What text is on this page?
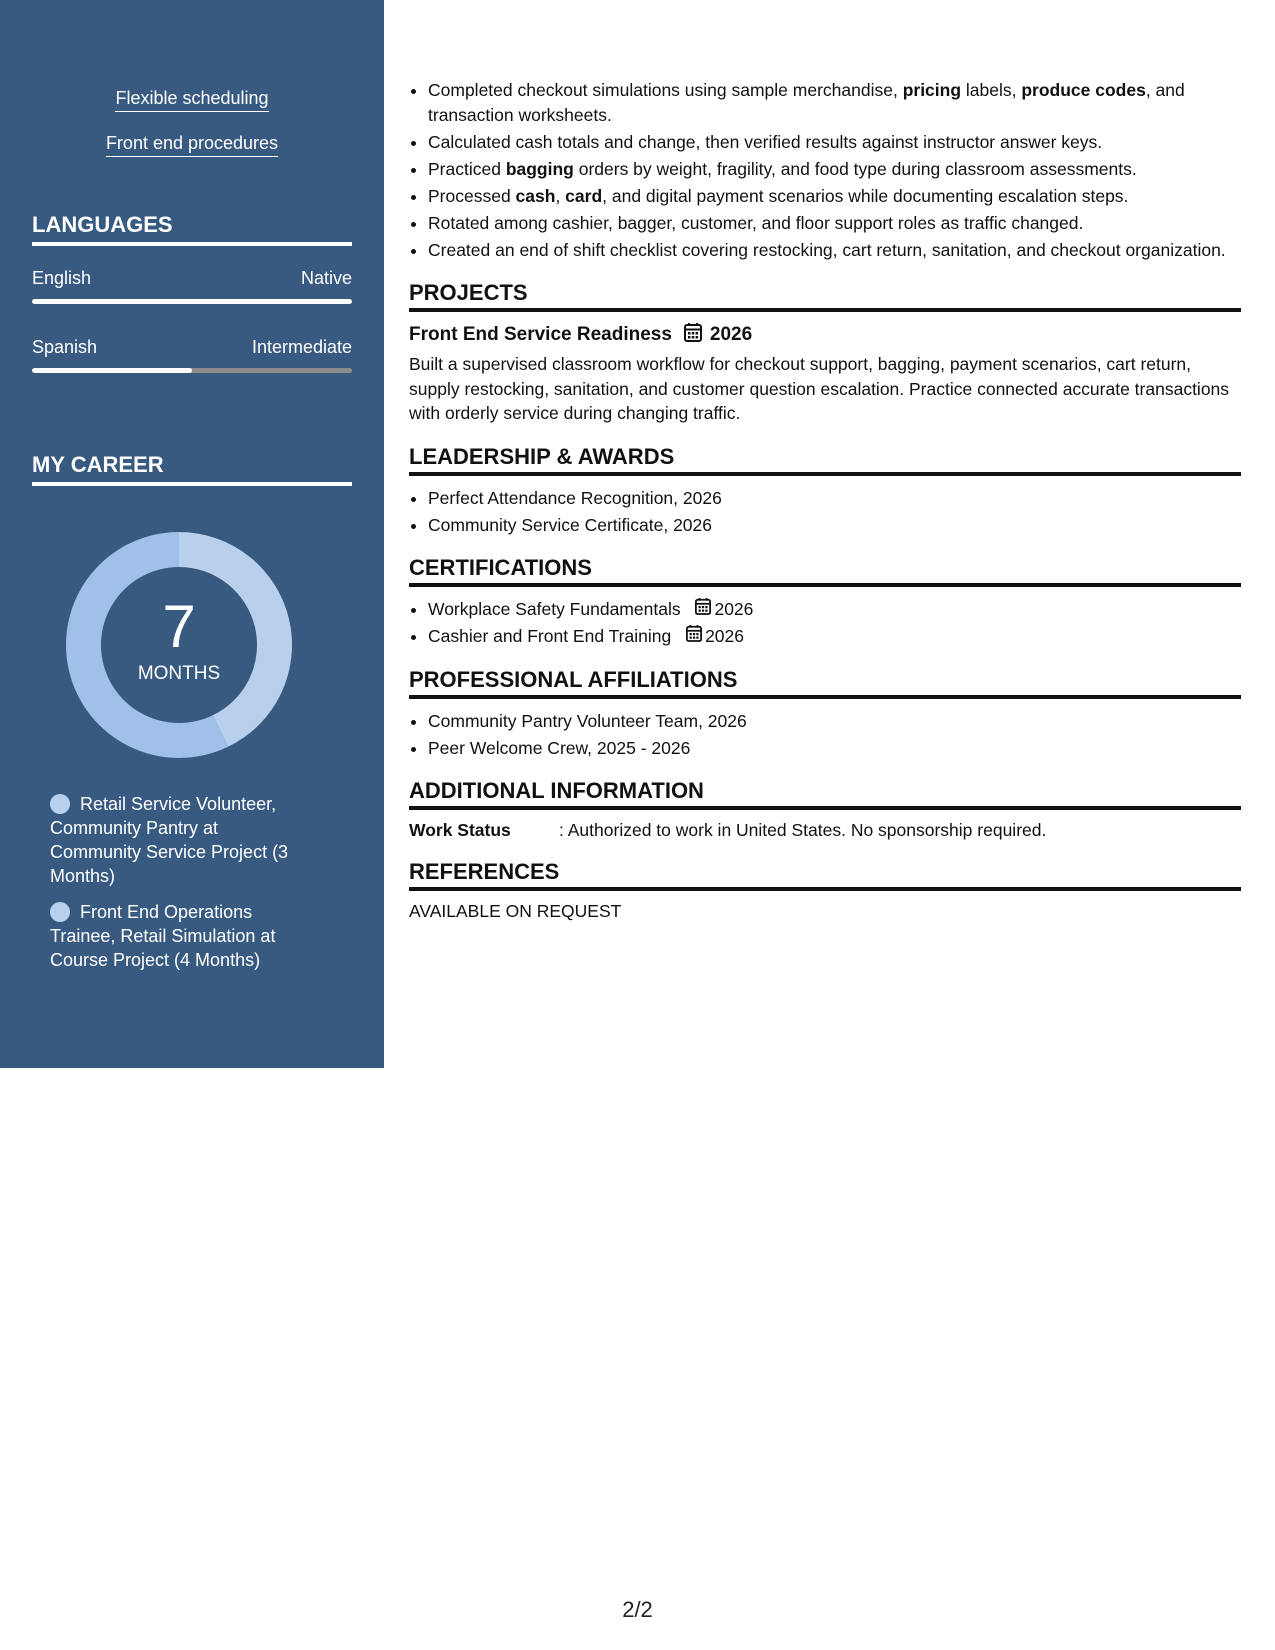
Flexible scheduling
Front end procedures
LANGUAGES
English	Native
Spanish	Intermediate
MY CAREER
7
MONTHS
Retail Service Volunteer, Community Pantry at Community Service Project (3 Months)
Front End Operations Trainee, Retail Simulation at Course Project (4 Months)
• Completed checkout simulations using sample merchandise, pricing labels, produce codes, and transaction worksheets.
• Calculated cash totals and change, then verified results against instructor answer keys.
• Practiced bagging orders by weight, fragility, and food type during classroom assessments.
• Processed cash, card, and digital payment scenarios while documenting escalation steps.
• Rotated among cashier, bagger, customer, and floor support roles as traffic changed.
• Created an end of shift checklist covering restocking, cart return, sanitation, and checkout organization.
PROJECTS
Front End Service Readiness 2026
Built a supervised classroom workflow for checkout support, bagging, payment scenarios, cart return, supply restocking, sanitation, and customer question escalation. Practice connected accurate transactions with orderly service during changing traffic.
LEADERSHIP & AWARDS
• Perfect Attendance Recognition, 2026
• Community Service Certificate, 2026
CERTIFICATIONS
• Workplace Safety Fundamentals 2026
• Cashier and Front End Training 2026
PROFESSIONAL AFFILIATIONS
• Community Pantry Volunteer Team, 2026
• Peer Welcome Crew, 2025 - 2026
ADDITIONAL INFORMATION
Work Status	: Authorized to work in United States. No sponsorship required.
REFERENCES
AVAILABLE ON REQUEST
2/2
